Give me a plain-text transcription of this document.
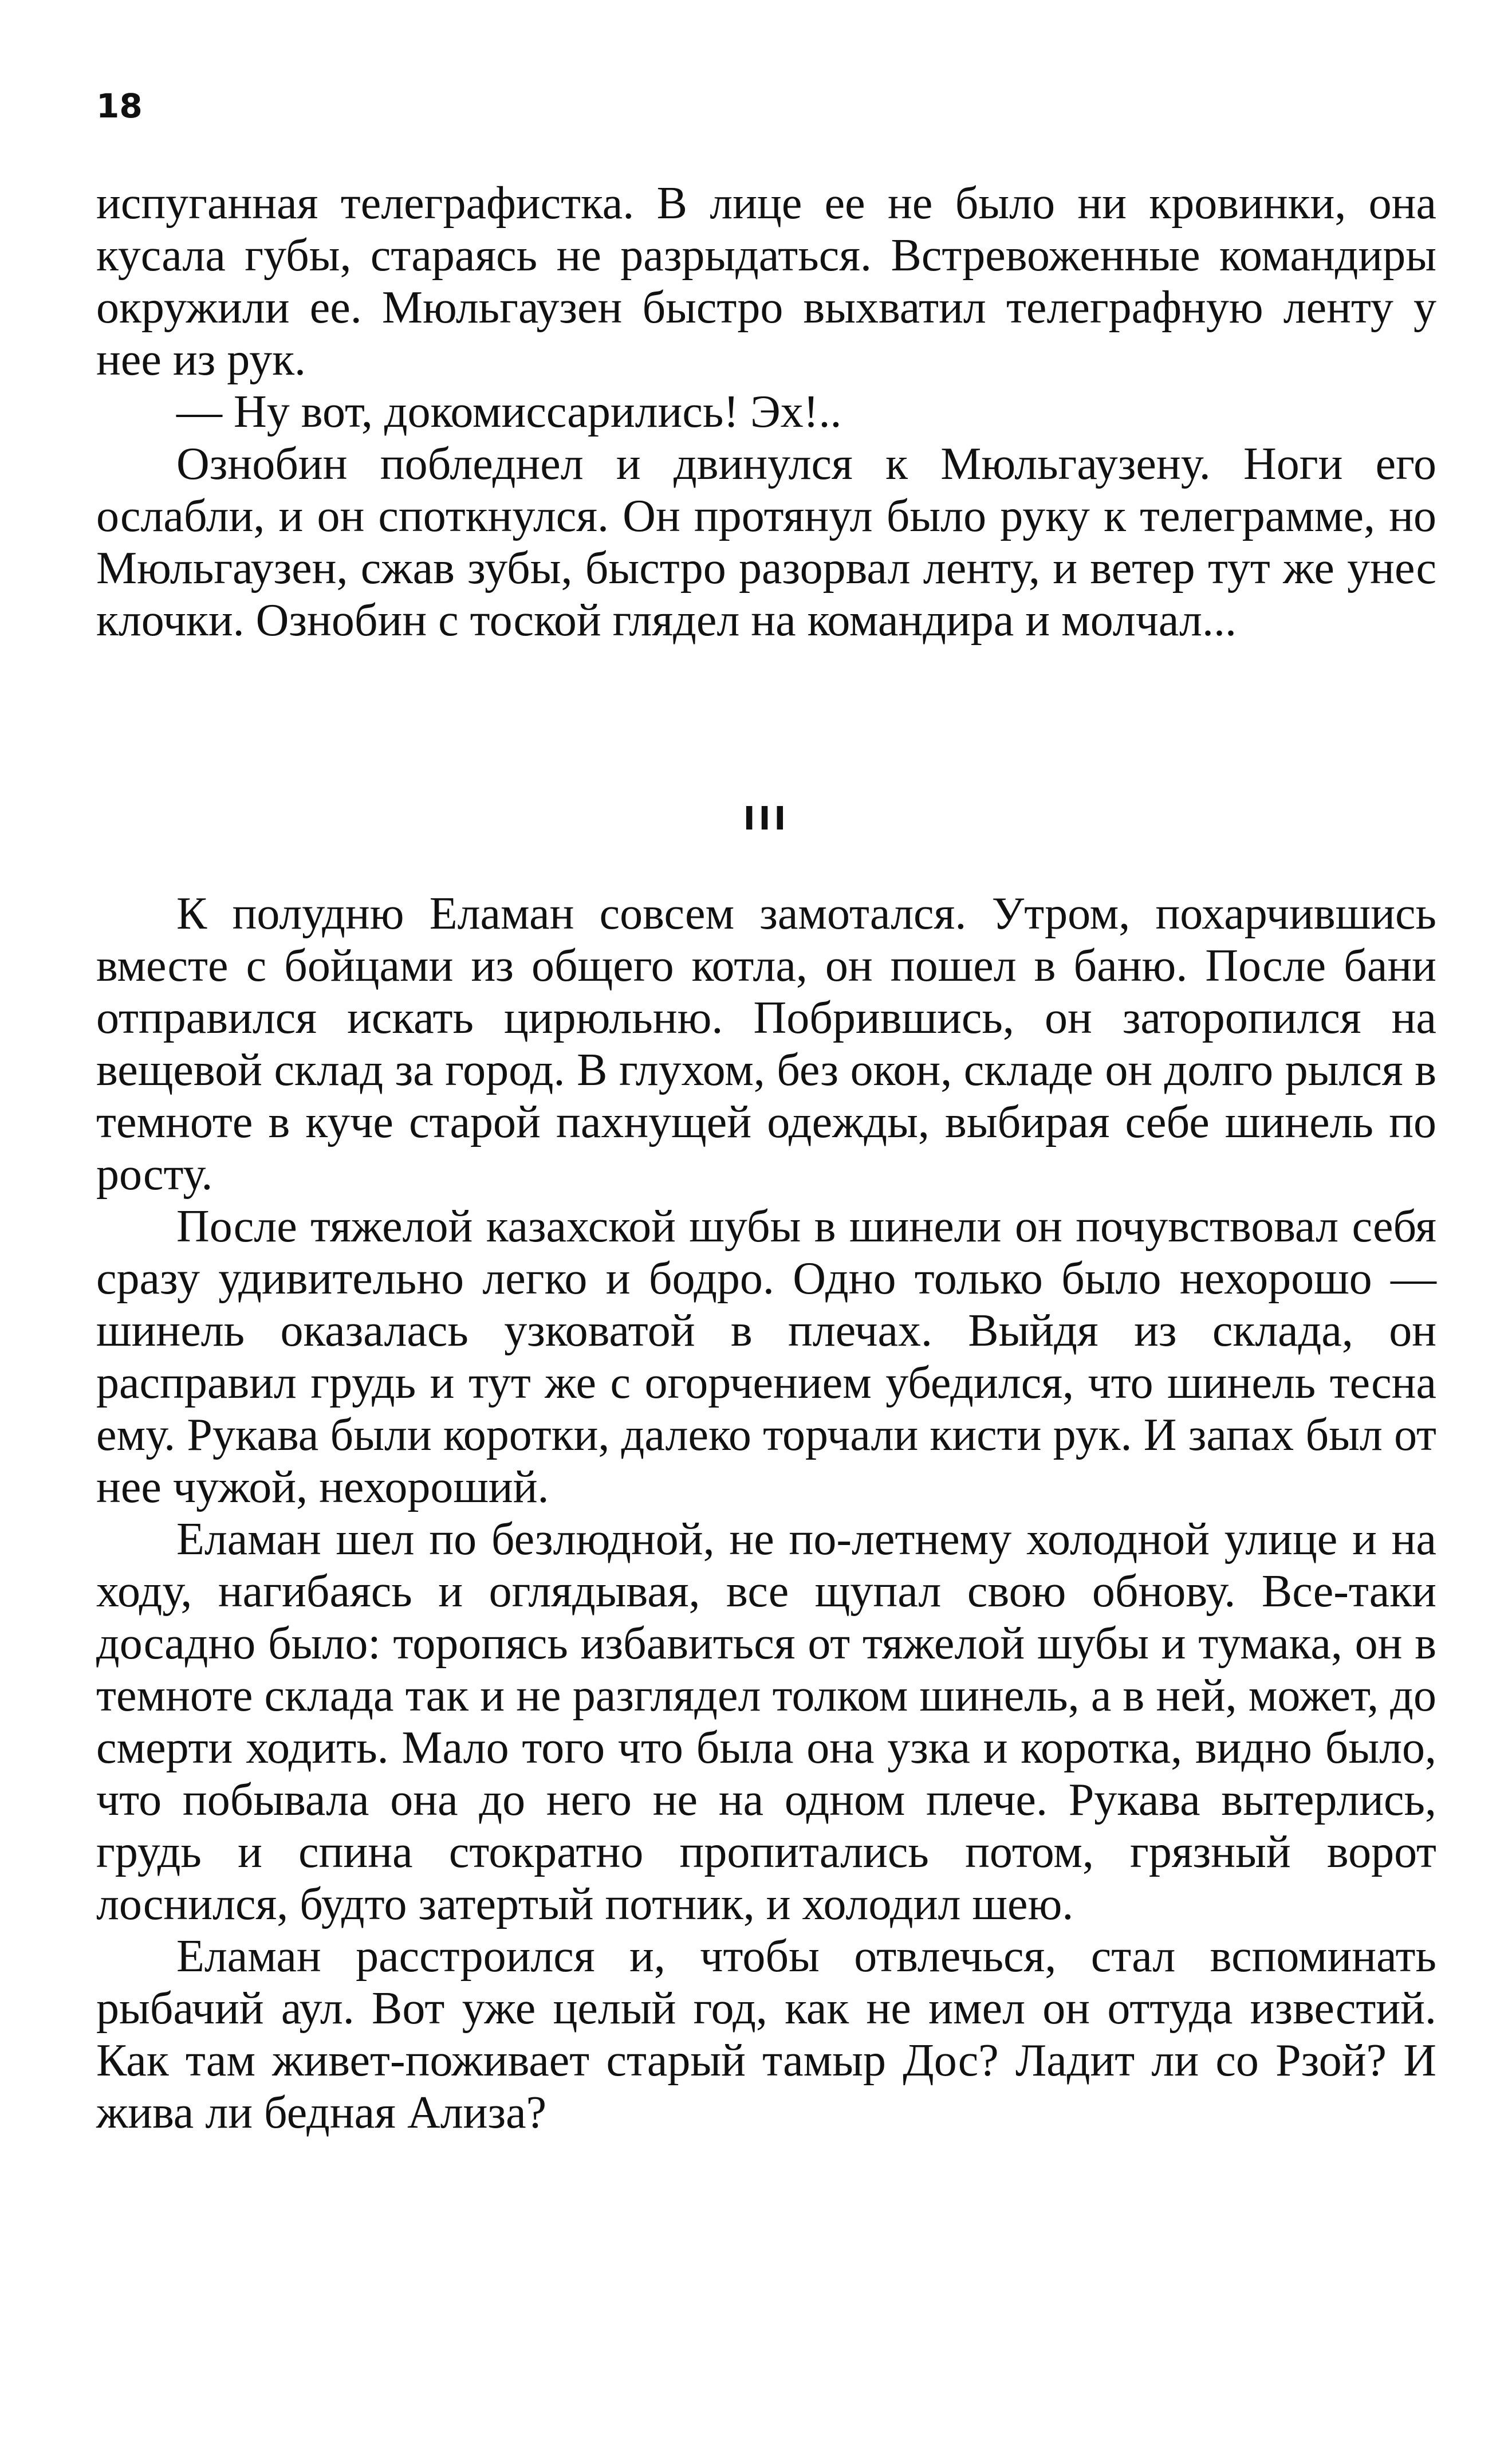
18

испуганная телеграфистка. В лице ее не было ни кровинки, она кусала губы, стараясь не разрыдаться. Встревоженные командиры окружили ее. Мюльгаузен быстро выхватил телеграфную ленту у нее из рук.

— Ну вот, докомиссарились! Эх!..

Ознобин побледнел и двинулся к Мюльгаузену. Ноги его ослабли, и он споткнулся. Он протянул было руку к телеграмме, но Мюльгаузен, сжав зубы, быстро разорвал ленту, и ветер тут же унес клочки. Ознобин с тоской глядел на командира и молчал...

III

К полудню Еламан совсем замотался. Утром, похарчившись вместе с бойцами из общего котла, он пошел в баню. После бани отправился искать цирюльню. Побрившись, он заторопился на вещевой склад за город. В глухом, без окон, складе он долго рылся в темноте в куче старой пахнущей одежды, выбирая себе шинель по росту.

После тяжелой казахской шубы в шинели он почувствовал себя сразу удивительно легко и бодро. Одно только было нехорошо — шинель оказалась узковатой в плечах. Выйдя из склада, он расправил грудь и тут же с огорчением убедился, что шинель тесна ему. Рукава были коротки, далеко торчали кисти рук. И запах был от нее чужой, нехороший.

Еламан шел по безлюдной, не по-летнему холодной улице и на ходу, нагибаясь и оглядывая, все щупал свою обнову. Все-таки досадно было: торопясь избавиться от тяжелой шубы и тумака, он в темноте склада так и не разглядел толком шинель, а в ней, может, до смерти ходить. Мало того что была она узка и коротка, видно было, что побывала она до него не на одном плече. Рукава вытерлись, грудь и спина стократно пропитались потом, грязный ворот лоснился, будто затертый потник, и холодил шею.

Еламан расстроился и, чтобы отвлечься, стал вспоминать рыбачий аул. Вот уже целый год, как не имел он оттуда известий. Как там живет-поживает старый тамыр Дос? Ладит ли со Рзой? И жива ли бедная Ализа?
